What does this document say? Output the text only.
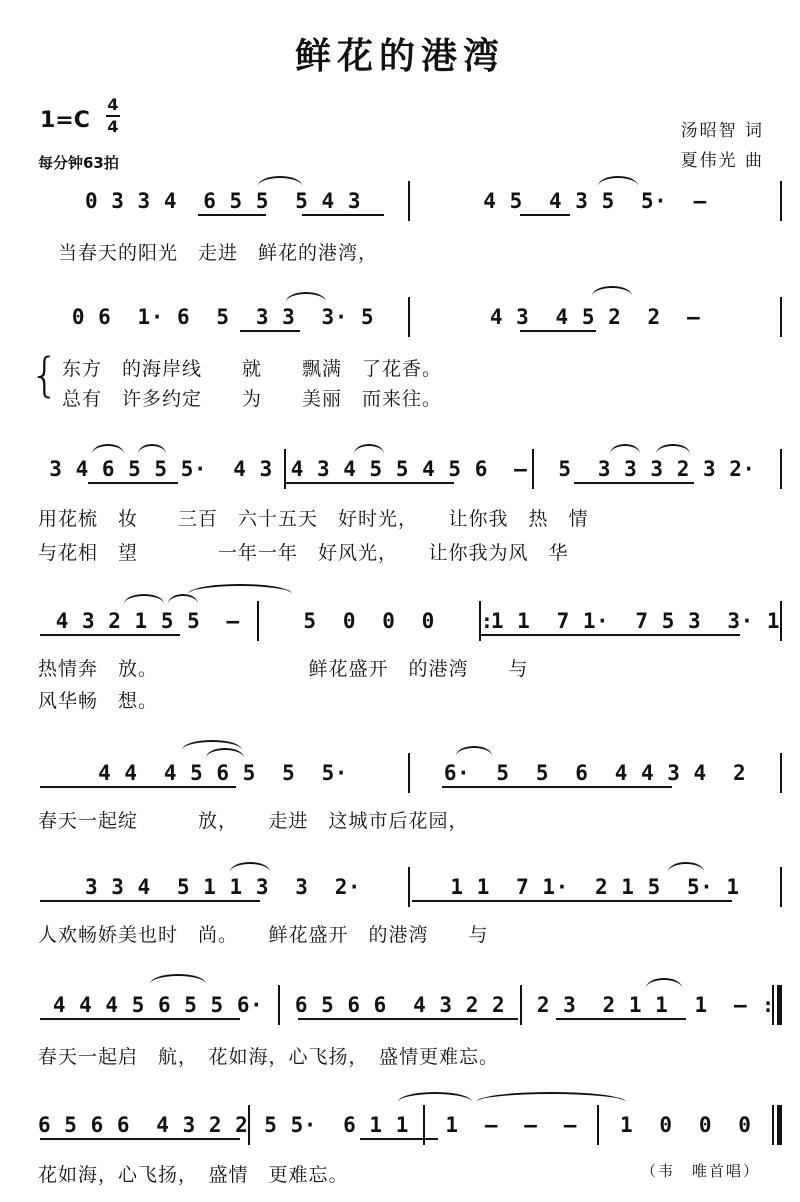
鲜花的港湾
1=C
4
4
每分钟63拍
汤昭智 词
夏伟光 曲
0 3 3 4  6 5 5  5 4 3	4 5  4 3 5  5·  –
　当春天的阳光　走进　鲜花的港湾，
0 6  1· 6  5  3 3  3· 5	4 3  4 5 2  2  –
{ 东方　的海岸线　　就　　飘满　了花香。
总有　许多约定　　为　　美丽　而来往。
3 4 6 5 5 5·  4 3 4 3 4 5 5 4 5 6  –	5  3 3 3 2 3 2·
用花梳　妆　　三百　六十五天　好时光，　　让你我　热　情
与花相　望　　　　一年一年　好风光，　　让你我为风　华
4 3 2 1 5 5  –	5  0  0  0	: 1 1  7 1·  7 5 3  3· 1
热情奔　放。　　　　　　　　鲜花盛开　的港湾　　与
风华畅　想。
4 4  4 5 6 5  5  5·	6·  5  5  6  4 4 3 4  2
春天一起绽　　　放，　　走进　这城市后花园，
3 3 4  5 1 1 3  3  2·	1 1  7 1·  2 1 5  5· 1
人欢畅娇美也时　尚。　　鲜花盛开　的港湾　　与
4 4 4 5 6 5 5 6·	6 5 6 6  4 3 2 2	2 3  2 1 1  1  – :
春天一起启　航，　花如海，心飞扬，　盛情更难忘。
6 5 6 6  4 3 2 2 5 5·  6 1 1	1  –  –  –	1  0  0  0
花如海，心飞扬，　盛情　更难忘。	（韦　唯首唱）
